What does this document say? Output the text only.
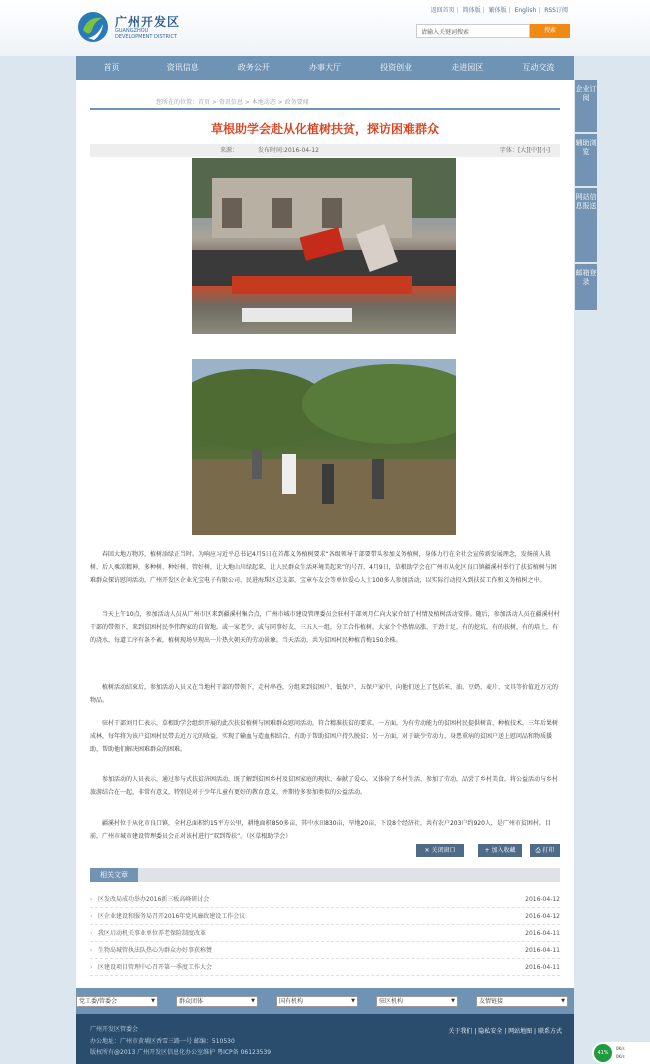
广州开发区
GUANGZHOU
DEVELOPMENT DISTRICT
返回首页 | 简体版 | 繁体版 | English | RSS订阅
请输入关键词搜索
搜索
首页	资讯信息	政务公开	办事大厅	投资创业	走进园区	互动交流
您所在的位置：首页 > 资讯信息 > 本地动态 > 政务要闻
草根助学会赴从化植树扶贫，探访困难群众
来源：	发布时间:2016-04-12	字体：[大][中][小]
春回大地万物苏，植树添绿正当时。为响应习近平总书记4月5日在首都义务植树要求“各级领导干部要带头参加义务植树，身体力行在全社会宣传新发展理念，发扬前人栽树、后人乘凉精神，多种树、种好树、管好树，让大地山川绿起来，让人民群众生活环境美起来”的号召，4月9日，草根助学会在广州市从化区良口镇疆溪村举行了扶贫植树与困难群众探访慰问活动，广州开发区企业光宝电子有限公司、民进海珠区总支部、宝章车友会等单位爱心人士100多人参加活动，以实际行动投入到扶贫工作和义务植树之中。
当天上午10点，参加活动人员从广州市区来到疆溪村集合点，广州市城市建设管理委员会驻村干部刘月仁向大家介绍了村情及植树活动安排。随后，参加活动人员在疆溪村村干部的带领下，来到贫困村民李伟辉家的自留地，或一家老少，或与同事好友，三五人一组，分工合作植树。大家个个热情高涨、干劲十足，有的挖坑，有的扶树，有的培土，有的浇水，每道工序有条不紊，植树现场呈现出一片热火朝天的劳动景象。当天活动，共为贫困村民种植青梅150余株。
植树活动结束后，参加活动人员又在当地村干部的带领下，走村串巷，分组来到贫困户、低保户、五保户家中，向他们送上了包括米、油、豆奶、麦片、文具等价值近万元的物品。
驻村干部刘月仁表示，草根助学会组织开展的此次扶贫植树与困难群众慰问活动，符合精准扶贫的要求。一方面，为有劳动能力的贫困村民提供树苗、种植技术，三年后果树成林，每年将为该户贫困村民带去近万元的收益，实现了输血与造血相结合，有助于帮助贫困户持久脱贫；另一方面，对于缺少劳动力、身患重病的贫困户送上慰问品和物质援助，帮助他们解决困难群众的困难。
参加活动的人员表示，通过参与式扶贫济困活动，既了解到贫困乡村及贫困家庭的现状、奉献了爱心，又体验了乡村生活、参加了劳动，品尝了乡村美食，将公益活动与乡村旅游结合在一起，非常有意义，特别是对于少年儿童有更好的教育意义，并期待多参加类似的公益活动。
疆溪村位于从化市良口镇，全村总面积约15平方公里，耕地面积850多亩，其中水田830亩，旱地20亩，下设8个经济社，共有农户203户约920人，是广州市贫困村。目前，广州市城市建设管理委员会正对该村进行“双到帮扶”。（区草根助学会）
✕ 关闭窗口	+ 加入收藏	⎙ 打印
相关文章
› 区发改局成功举办2016新三板高峰研讨会	2016-04-12
› 区企业建设和服务局召开2016年党风廉政建设工作会议	2016-04-12
› 我区启动机关事业单位养老保险制度改革	2016-04-11
› 生物岛城管执法队热心为群众办好事获称赞	2016-04-11
› 区建设项目管理中心召开第一季度工作大会	2016-04-11
企业订阅
辅助浏览
网站信息报送
邮箱登录
党工委/管委会	▼	群众团体	▼	国有机构	▼	驻区机构	▼	友情链接	▼
广州开发区管委会
办公地址：广州市黄埔区香雪三路一号 邮编：510530
版权所有@2013 广州开发区信息化办公室维护 粤ICP备 06123539
关于我们 | 隐私安全 | 网站地图 | 联系方式
41%
0K/s
0K/s
